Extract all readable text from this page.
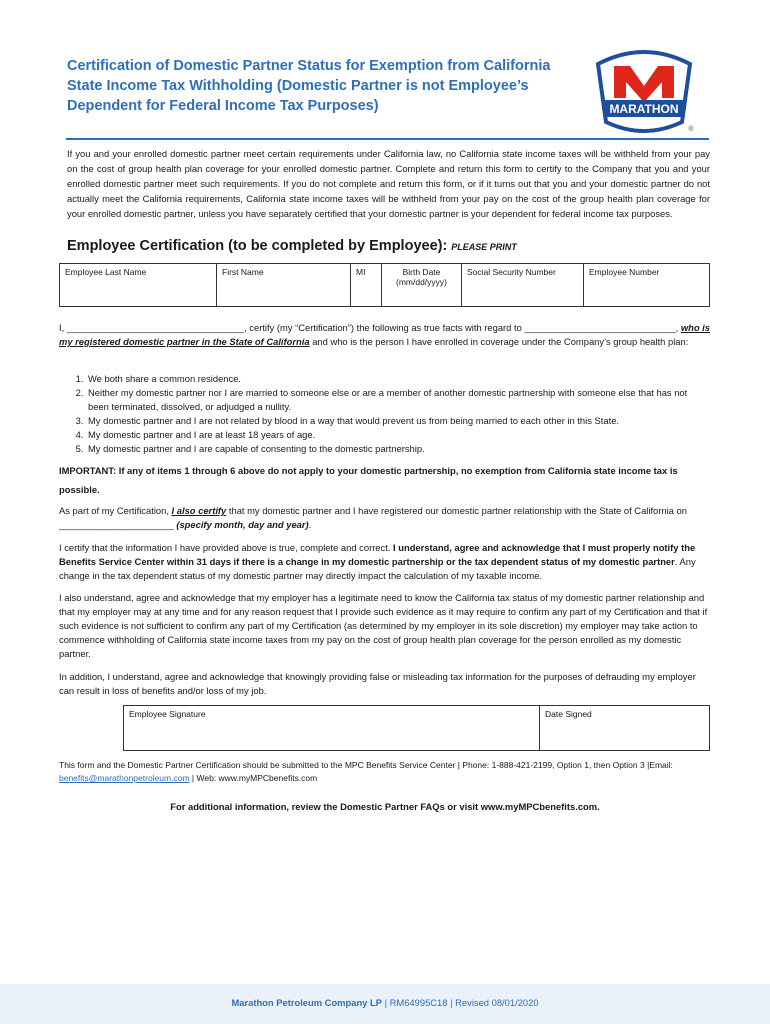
Certification of Domestic Partner Status for Exemption from California State Income Tax Withholding (Domestic Partner is not Employee’s Dependent for Federal Income Tax Purposes)	MARATHON
®
If you and your enrolled domestic partner meet certain requirements under California law, no California state income taxes will be withheld from your pay on the cost of group health plan coverage for your enrolled domestic partner. Complete and return this form to certify to the Company that you and your enrolled domestic partner meet such requirements. If you do not complete and return this form, or if it turns out that you and your domestic partner do not actually meet the California requirements, California state income taxes will be withheld from your pay on the cost of the group health plan coverage for your enrolled domestic partner, unless you have separately certified that your domestic partner is your dependent for federal income tax purposes.
Employee Certification (to be completed by Employee): PLEASE PRINT
Employee Last Name	First Name	MI	Birth Date (mm/dd/yyyy)	Social Security Number	Employee Number
I, __________________________________, certify (my “Certification”) the following as true facts with regard to _____________________________, who is my registered domestic partner in the State of California and who is the person I have enrolled in coverage under the Company’s group health plan:
1. We both share a common residence.
2. Neither my domestic partner nor I are married to someone else or are a member of another domestic partnership with someone else that has not been terminated, dissolved, or adjudged a nullity.
3. My domestic partner and I are not related by blood in a way that would prevent us from being married to each other in this State.
4. My domestic partner and I are at least 18 years of age.
5. My domestic partner and I are capable of consenting to the domestic partnership.
IMPORTANT: If any of items 1 through 6 above do not apply to your domestic partnership, no exemption from California state income tax is possible.
As part of my Certification, I also certify that my domestic partner and I have registered our domestic partner relationship with the State of California on ______________________ (specify month, day and year).
I certify that the information I have provided above is true, complete and correct. I understand, agree and acknowledge that I must properly notify the Benefits Service Center within 31 days if there is a change in my domestic partnership or the tax dependent status of my domestic partner. Any change in the tax dependent status of my domestic partner may directly impact the calculation of my taxable income.
I also understand, agree and acknowledge that my employer has a legitimate need to know the California tax status of my domestic partner relationship and that my employer may at any time and for any reason request that I provide such evidence as it may require to confirm any part of my Certification and that if such evidence is not sufficient to confirm any part of my Certification (as determined by my employer in its sole discretion) my employer may take action to commence withholding of California state income taxes from my pay on the cost of group health plan coverage for the person enrolled as my domestic partner.
In addition, I understand, agree and acknowledge that knowingly providing false or misleading tax information for the purposes of defrauding my employer can result in loss of benefits and/or loss of my job.
Employee Signature	Date Signed
This form and the Domestic Partner Certification should be submitted to the MPC Benefits Service Center | Phone: 1-888-421-2199, Option 1, then Option 3 |Email: benefits@marathonpetroleum.com | Web: www.myMPCbenefits.com
For additional information, review the Domestic Partner FAQs or visit www.myMPCbenefits.com.
Marathon Petroleum Company LP | RM64995C18 | Revised 08/01/2020
